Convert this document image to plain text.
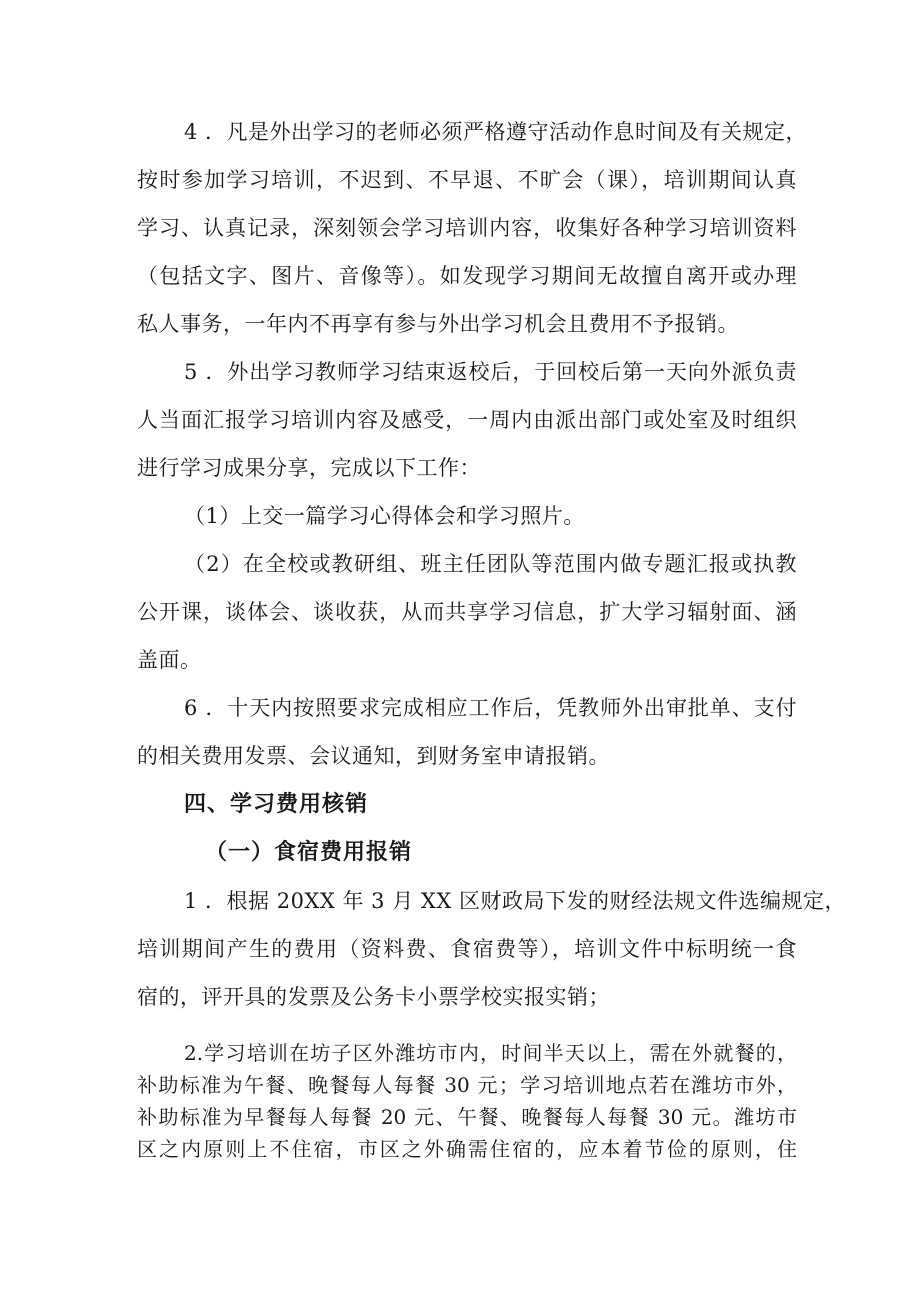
4 ．凡是外出学习的老师必须严格遵守活动作息时间及有关规定，
按时参加学习培训，不迟到、不早退、不旷会（课），培训期间认真
学习、认真记录，深刻领会学习培训内容，收集好各种学习培训资料
（包括文字、图片、音像等）。如发现学习期间无故擅自离开或办理
私人事务，一年内不再享有参与外出学习机会且费用不予报销。
5 ．外出学习教师学习结束返校后，于回校后第一天向外派负责
人当面汇报学习培训内容及感受，一周内由派出部门或处室及时组织
进行学习成果分享，完成以下工作：
（1）上交一篇学习心得体会和学习照片。
（2）在全校或教研组、班主任团队等范围内做专题汇报或执教
公开课，谈体会、谈收获，从而共享学习信息，扩大学习辐射面、涵
盖面。
6 ．十天内按照要求完成相应工作后，凭教师外出审批单、支付
的相关费用发票、会议通知，到财务室申请报销。
四、学习费用核销
（一）食宿费用报销
1 ．根据 20XX 年 3 月 XX 区财政局下发的财经法规文件选编规定，
培训期间产生的费用（资料费、食宿费等），培训文件中标明统一食
宿的，评开具的发票及公务卡小票学校实报实销；
2.学习培训在坊子区外潍坊市内，时间半天以上，需在外就餐的，
补助标准为午餐、晚餐每人每餐 30 元；学习培训地点若在潍坊市外，
补助标准为早餐每人每餐 20 元、午餐、晚餐每人每餐 30 元。潍坊市
区之内原则上不住宿，市区之外确需住宿的，应本着节俭的原则，住
